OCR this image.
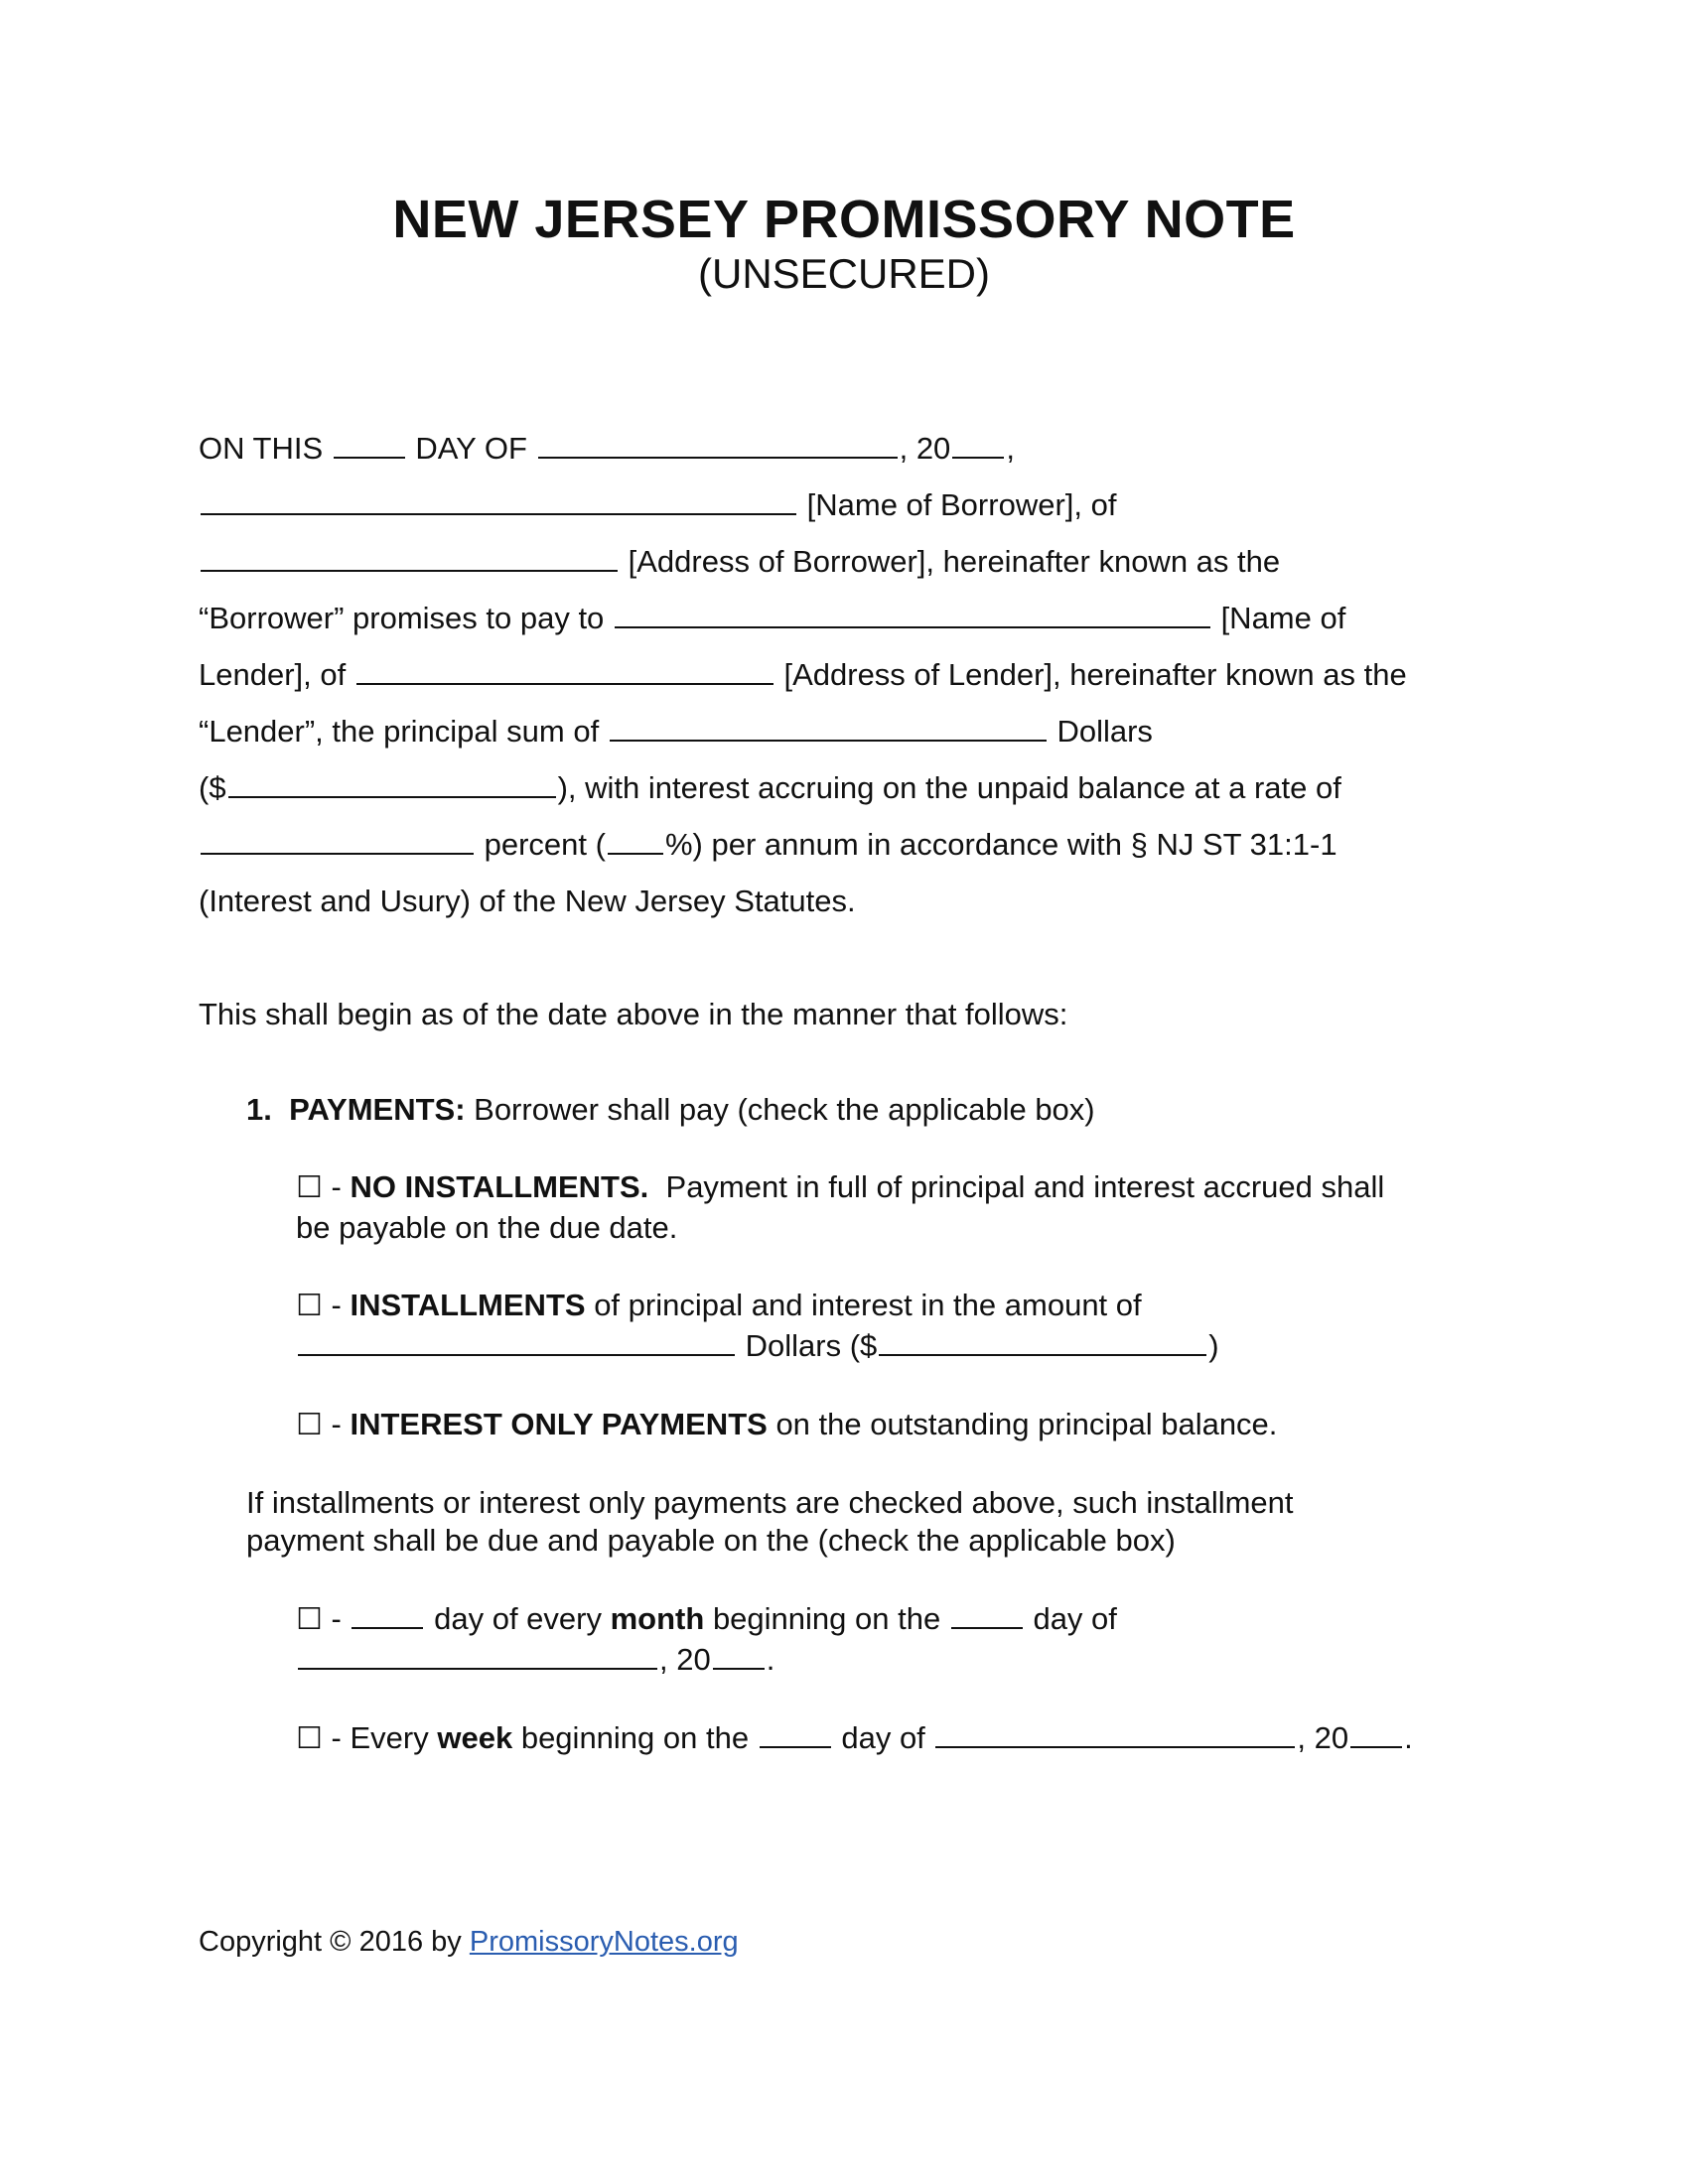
NEW JERSEY PROMISSORY NOTE
(UNSECURED)
ON THIS	DAY OF	, 20 ,
[Name of Borrower], of
[Address of Borrower], hereinafter known as the
“Borrower” promises to pay to	[Name of
Lender], of	[Address of Lender], hereinafter known as the
“Lender”, the principal sum of	Dollars
($	), with interest accruing on the unpaid balance at a rate of
percent ( %) per annum in accordance with § NJ ST 31:1-1
(Interest and Usury) of the New Jersey Statutes.
This shall begin as of the date above in the manner that follows:
1. PAYMENTS: Borrower shall pay (check the applicable box)
☐ - NO INSTALLMENTS. Payment in full of principal and interest accrued shall
be payable on the due date.
☐ - INSTALLMENTS of principal and interest in the amount of
Dollars ($	)
☐ - INTEREST ONLY PAYMENTS on the outstanding principal balance.
If installments or interest only payments are checked above, such installment
payment shall be due and payable on the (check the applicable box)
☐ -	day of every month beginning on the	day of
, 20 .
☐ - Every week beginning on the	day of	, 20 .
Copyright © 2016 by PromissoryNotes.org
